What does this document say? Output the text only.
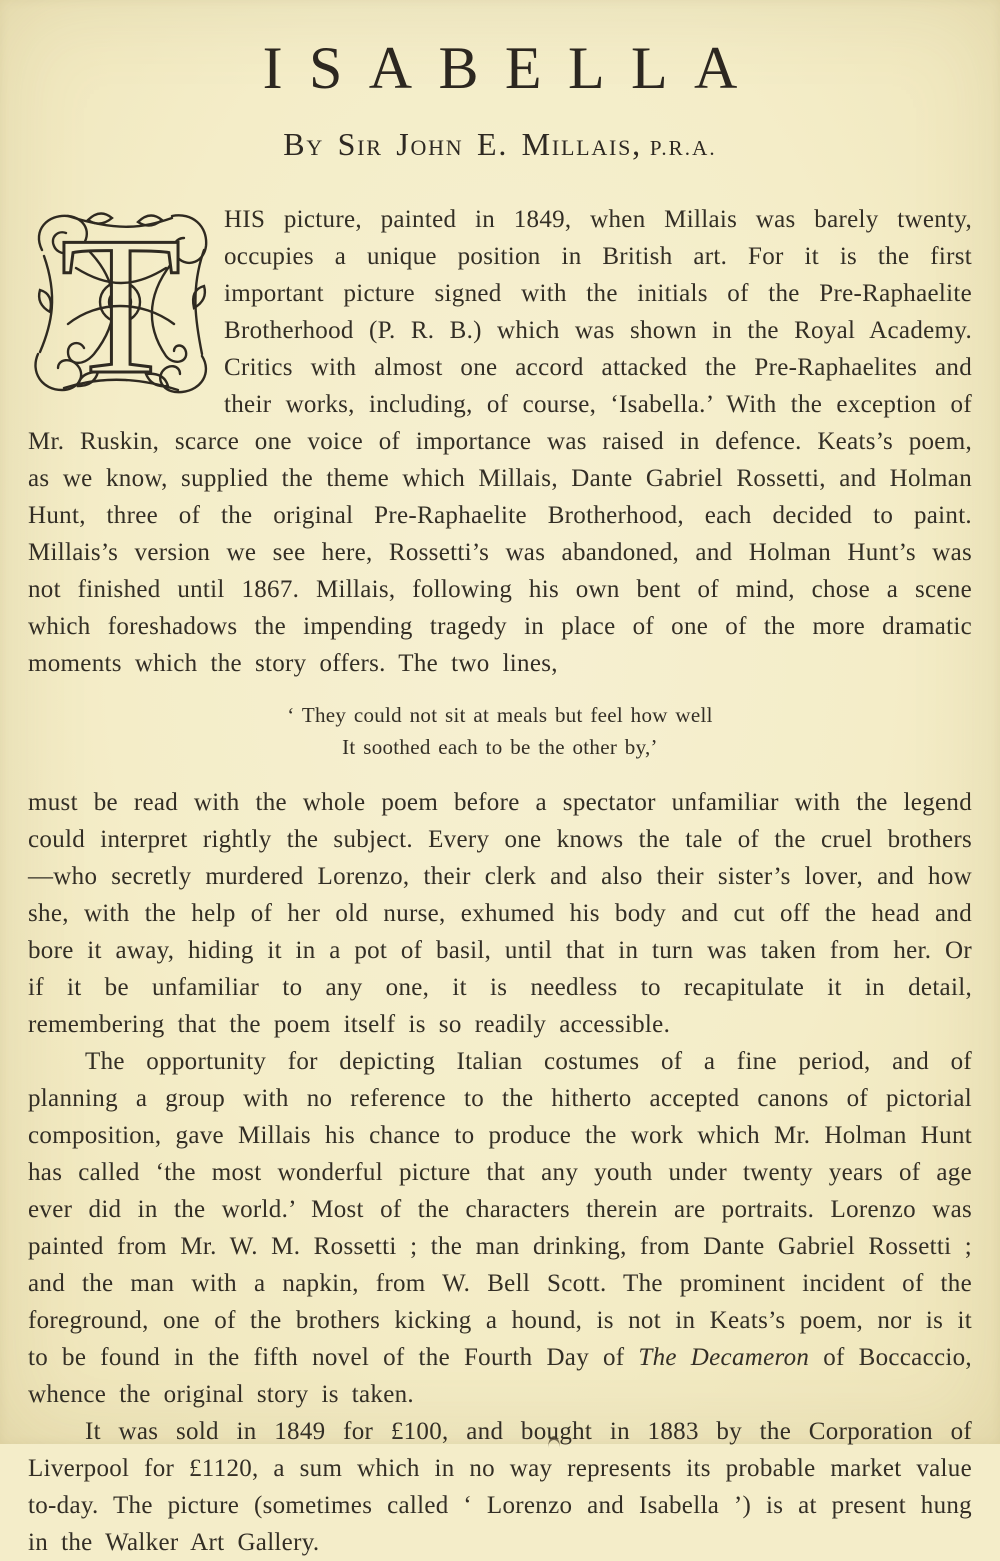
ISABELLA
By Sir John E. Millais, P.R.A.

T HIS picture, painted in 1849, when Millais was barely twenty, occupies a unique position in British art. For it is the first important picture signed with the initials of the Pre-Raphaelite Brotherhood (P. R. B.) which was shown in the Royal Academy. Critics with almost one accord attacked the Pre-Raphaelites and their works, including, of course, ‘Isabella.’ With the exception of Mr. Ruskin, scarce one voice of importance was raised in defence. Keats’s poem, as we know, supplied the theme which Millais, Dante Gabriel Rossetti, and Holman Hunt, three of the original Pre-Raphaelite Brotherhood, each decided to paint. Millais’s version we see here, Rossetti’s was abandoned, and Holman Hunt’s was not finished until 1867. Millais, following his own bent of mind, chose a scene which foreshadows the impending tragedy in place of one of the more dramatic moments which the story offers. The two lines,

‘ They could not sit at meals but feel how well
It soothed each to be the other by,’

must be read with the whole poem before a spectator unfamiliar with the legend could interpret rightly the subject. Every one knows the tale of the cruel brothers —who secretly murdered Lorenzo, their clerk and also their sister’s lover, and how she, with the help of her old nurse, exhumed his body and cut off the head and bore it away, hiding it in a pot of basil, until that in turn was taken from her. Or if it be unfamiliar to any one, it is needless to recapitulate it in detail, remembering that the poem itself is so readily accessible.

The opportunity for depicting Italian costumes of a fine period, and of planning a group with no reference to the hitherto accepted canons of pictorial composition, gave Millais his chance to produce the work which Mr. Holman Hunt has called ‘the most wonderful picture that any youth under twenty years of age ever did in the world.’ Most of the characters therein are portraits. Lorenzo was painted from Mr. W. M. Rossetti ; the man drinking, from Dante Gabriel Rossetti ; and the man with a napkin, from W. Bell Scott. The prominent incident of the foreground, one of the brothers kicking a hound, is not in Keats’s poem, nor is it to be found in the fifth novel of the Fourth Day of The Decameron of Boccaccio, whence the original story is taken.

It was sold in 1849 for £100, and bought in 1883 by the Corporation of Liverpool for £1120, a sum which in no way represents its probable market value to-day. The picture (sometimes called ‘ Lorenzo and Isabella ’) is at present hung in the Walker Art Gallery.
